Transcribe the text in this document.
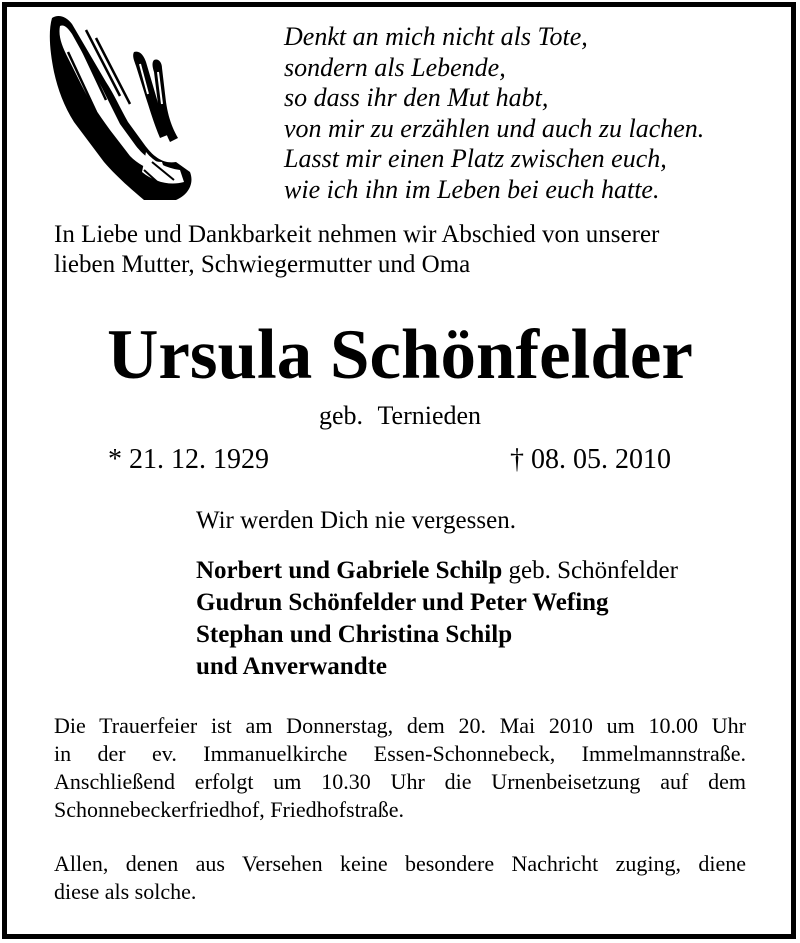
Denkt an mich nicht als Tote,
sondern als Lebende,
so dass ihr den Mut habt,
von mir zu erzählen und auch zu lachen.
Lasst mir einen Platz zwischen euch,
wie ich ihn im Leben bei euch hatte.
In Liebe und Dankbarkeit nehmen wir Abschied von unserer
lieben Mutter, Schwiegermutter und Oma
Ursula Schönfelder
geb. Ternieden
* 21. 12. 1929	† 08. 05. 2010
Wir werden Dich nie vergessen.
Norbert und Gabriele Schilp geb. Schönfelder
Gudrun Schönfelder und Peter Wefing
Stephan und Christina Schilp
und Anverwandte
Die Trauerfeier ist am Donnerstag, dem 20. Mai 2010 um 10.00 Uhr
in der ev. Immanuelkirche Essen-Schonnebeck, Immelmannstraße.
Anschließend erfolgt um 10.30 Uhr die Urnenbeisetzung auf dem
Schonnebeckerfriedhof, Friedhofstraße.
Allen, denen aus Versehen keine besondere Nachricht zuging, diene
diese als solche.
